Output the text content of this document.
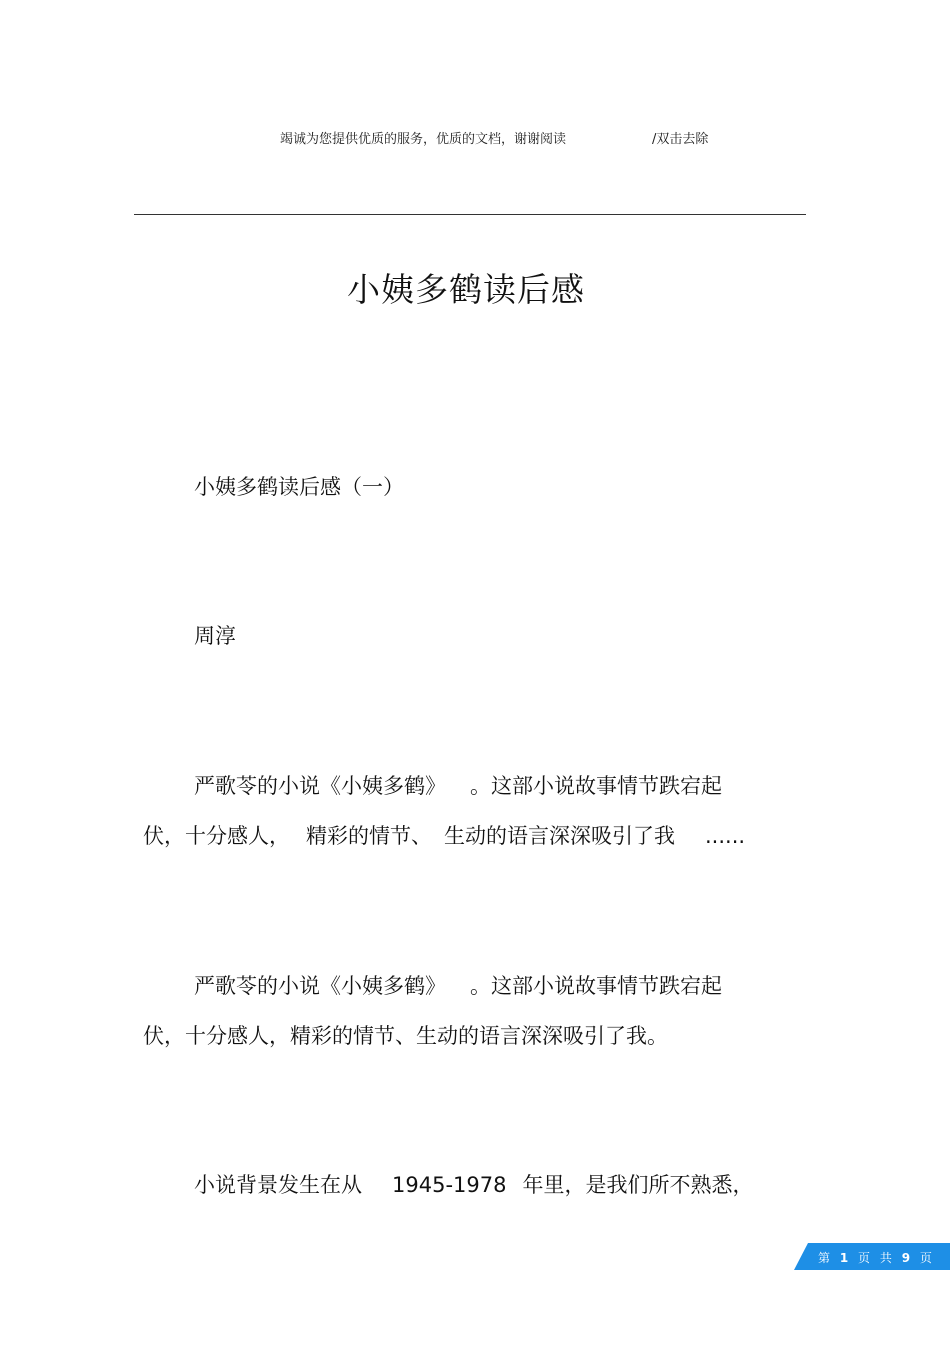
竭诚为您提供优质的服务，优质的文档，谢谢阅读	/双击去除
小姨多鹤读后感
小姨多鹤读后感（一）
周淳
严歌苓的小说《小姨多鹤》 。这部小说故事情节跌宕起
伏，十分感人， 精彩的情节、 生动的语言深深吸引了我 ......
严歌苓的小说《小姨多鹤》 。这部小说故事情节跌宕起
伏，十分感人，精彩的情节、生动的语言深深吸引了我。
小说背景发生在从 1945-1978 年里，是我们所不熟悉，
第 1 页 共 9 页
